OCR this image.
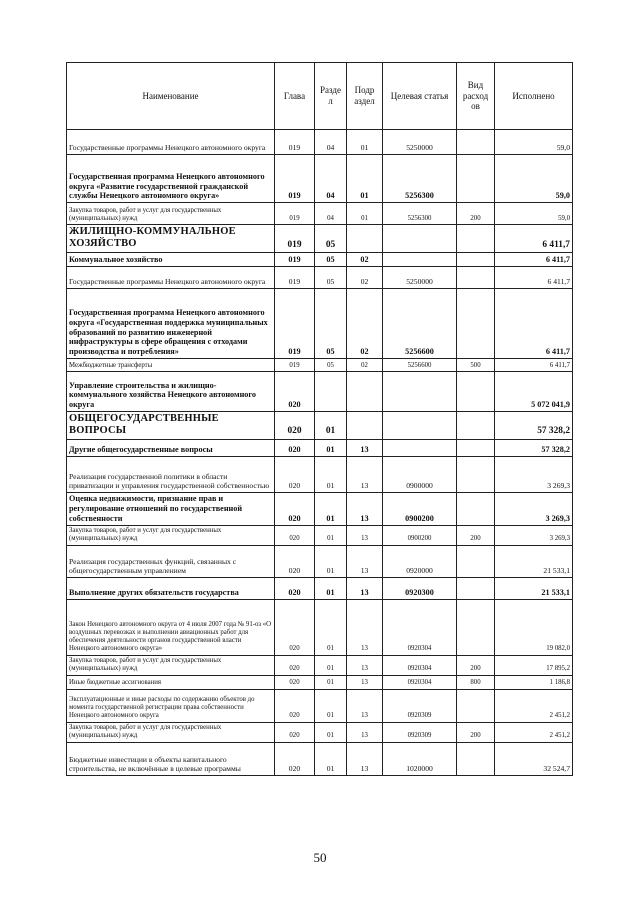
Наименование	Глава	Разде л	Подр аздел	Целевая статья	Вид расход ов	Исполнено
Государственные программы Ненецкого автономного округа	019	04	01	5250000		59,0
Государственная программа Ненецкого автономного округа «Развитие государственной гражданской службы Ненецкого автономного округа»	019	04	01	5256300		59,0
Закупка товаров, работ и услуг для государственных (муниципальных) нужд	019	04	01	5256300	200	59,0
ЖИЛИЩНО-КОММУНАЛЬНОЕ ХОЗЯЙСТВО	019	05				6 411,7
Коммунальное хозяйство	019	05	02			6 411,7
Государственные программы Ненецкого автономного округа	019	05	02	5250000		6 411,7
Государственная программа Ненецкого автономного округа «Государственная поддержка муниципальных образований по развитию инженерной инфраструктуры в сфере обращения с отходами производства и потребления»	019	05	02	5256600		6 411,7
Межбюджетные трансферты	019	05	02	5256600	500	6 411,7
Управление строительства и жилищно-коммунального хозяйства Ненецкого автономного округа	020					5 072 041,9
ОБЩЕГОСУДАРСТВЕННЫЕ ВОПРОСЫ	020	01				57 328,2
Другие общегосударственные вопросы	020	01	13			57 328,2
Реализация государственной политики в области приватизации и управления государственной собственностью	020	01	13	0900000		3 269,3
Оценка недвижимости, признание прав и регулирование отношений по государственной собственности	020	01	13	0900200		3 269,3
Закупка товаров, работ и услуг для государственных (муниципальных) нужд	020	01	13	0900200	200	3 269,3
Реализация государственных функций, связанных с общегосударственным управлением	020	01	13	0920000		21 533,1
Выполнение других обязательств государства	020	01	13	0920300		21 533,1
Закон Ненецкого автономного округа от 4 июля 2007 года № 91-оз «О воздушных перевозках и выполнении авиационных работ для обеспечения деятельности органов государственной власти Ненецкого автономного округа»	020	01	13	0920304		19 082,0
Закупка товаров, работ и услуг для государственных (муниципальных) нужд	020	01	13	0920304	200	17 895,2
Иные бюджетные ассигнования	020	01	13	0920304	800	1 186,8
Эксплуатационные и иные расходы по содержанию объектов до момента государственной регистрации права собственности Ненецкого автономного округа	020	01	13	0920309		2 451,2
Закупка товаров, работ и услуг для государственных (муниципальных) нужд	020	01	13	0920309	200	2 451,2
Бюджетные инвестиции в объекты капитального строительства, не включённые в целевые программы	020	01	13	1020000		32 524,7
50
